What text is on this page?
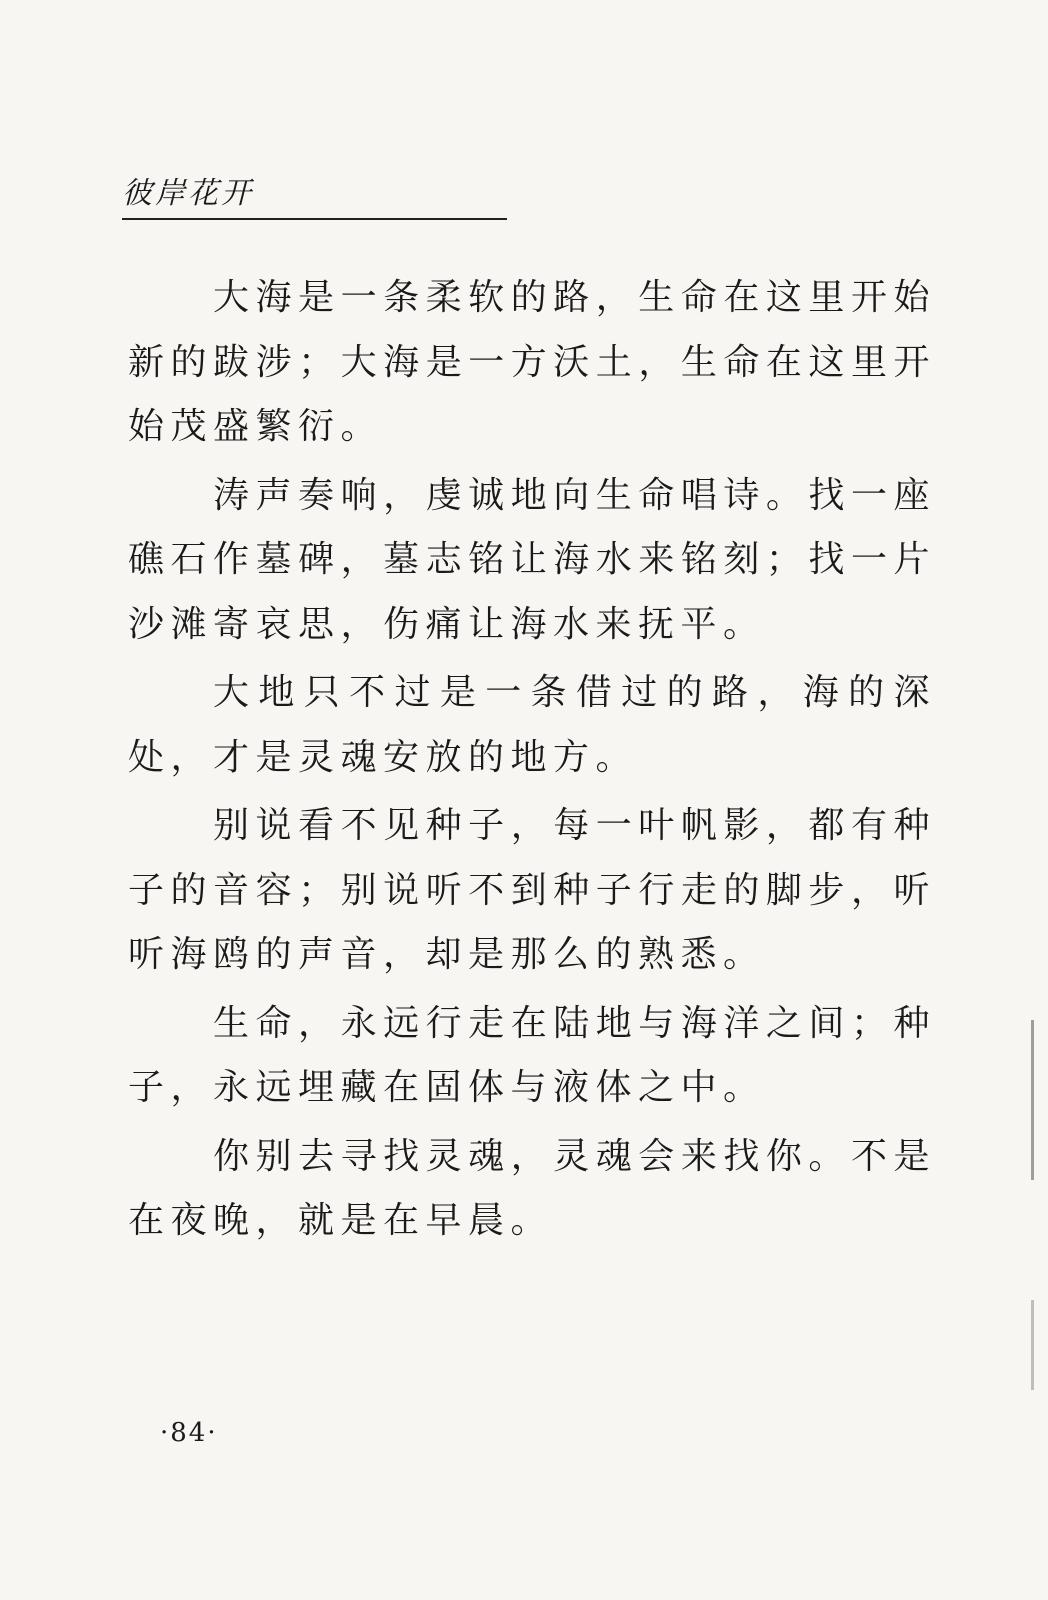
彼岸花开

大海是一条柔软的路，生命在这里开始新的跋涉；大海是一方沃土，生命在这里开始茂盛繁衍。

涛声奏响，虔诚地向生命唱诗。找一座礁石作墓碑，墓志铭让海水来铭刻；找一片沙滩寄哀思，伤痛让海水来抚平。

大地只不过是一条借过的路，海的深处，才是灵魂安放的地方。

别说看不见种子，每一叶帆影，都有种子的音容；别说听不到种子行走的脚步，听听海鸥的声音，却是那么的熟悉。

生命，永远行走在陆地与海洋之间；种子，永远埋藏在固体与液体之中。

你别去寻找灵魂，灵魂会来找你。不是在夜晚，就是在早晨。

·84·
